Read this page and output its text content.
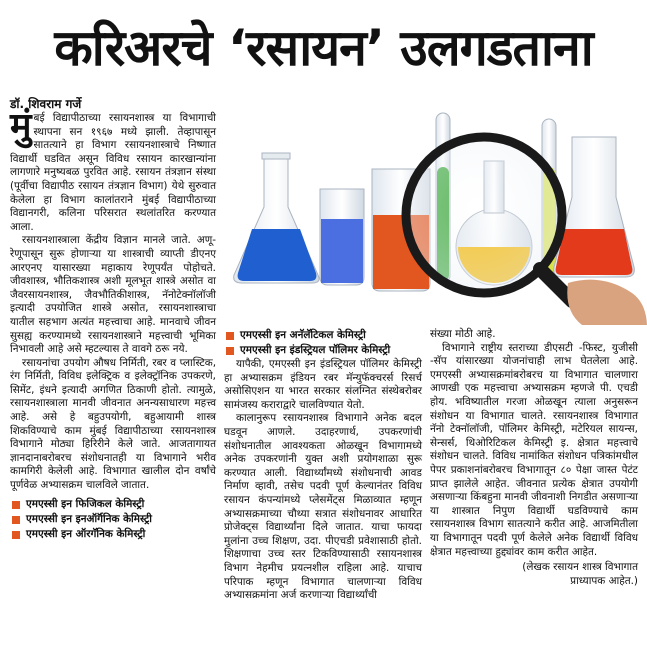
करिअरचे ‘रसायन’ उलगडताना
डॉ. शिवराम गर्जे

मुंबई विद्यापीठाच्या रसायनशास्त्र या विभागाची स्थापना सन १९६७ मध्ये झाली. तेव्हापासून सातत्याने हा विभाग रसायनशास्त्राचे निष्णात विद्यार्थी घडवित असून विविध रसायन कारखान्यांना लागणारे मनुष्यबळ पुरवित आहे. रसायन तंत्रज्ञान संस्था (पूर्वीचा विद्यापीठ रसायन तंत्रज्ञान विभाग) येथे सुरुवात केलेला हा विभाग कालांतराने मुंबई विद्यापीठाच्या विद्यानगरी, कलिना परिसरात स्थलांतरित करण्यात आला.

रसायनशास्त्राला केंद्रीय विज्ञान मानले जाते. अणू-रेणूपासून सुरू होणाऱ्या या शास्त्राची व्याप्ती डीएनए आरएनए यासारख्या महाकाय रेणूपर्यंत पोहोचते. जीवशास्त्र, भौतिकशास्त्र अशी मूलभूत शास्त्रे असोत वा जैवरसायनशास्त्र, जैवभौतिकीशास्त्र, नॅनोटेक्नॉलॉजी इत्यादी उपयोजित शास्त्रे असोत, रसायनशास्त्राचा यातील सहभाग अत्यंत महत्त्वाचा आहे. मानवाचे जीवन सुसह्य करण्यामध्ये रसायनशास्त्राने महत्त्वाची भूमिका निभावली आहे असे म्हटल्यास ते वावगे ठरू नये.

रसायनांचा उपयोग औषध निर्मिती, रबर व प्लास्टिक, रंग निर्मिती, विविध इलेक्ट्रिक व इलेक्ट्रॉनिक उपकरणे, सिमेंट, इंधने इत्यादी अगणित ठिकाणी होतो. त्यामुळे, रसायनशास्त्राला मानवी जीवनात अनन्यसाधारण महत्त्व आहे. असे हे बहुउपयोगी, बहुआयामी शास्त्र शिकविण्याचे काम मुंबई विद्यापीठाच्या रसायनशास्त्र विभागाने मोठ्या हिरिरीने केले जाते. आजतागायत ज्ञानदानाबरोबरच संशोधनातही या विभागाने भरीव कामगिरी केलेली आहे. विभागात खालील दोन वर्षांचे पूर्णवेळ अभ्यासक्रम चालविले जातात.

एमएस्सी इन फिजिकल केमिस्ट्री
एमएस्सी इन इनऑर्गॅनिक केमिस्ट्री
एमएस्सी इन ऑरगॅनिक केमिस्ट्री
एमएस्सी इन अनॅलॅटिकल केमिस्ट्री
एमएस्सी इन इंडस्ट्रियल पॉलिमर केमिस्ट्री

यापैकी, एमएस्सी इन इंडस्ट्रियल पॉलिमर केमिस्ट्री हा अभ्यासक्रम इंडियन रबर मॅन्युफॅक्चरर्स रिसर्च असोसिएशन या भारत सरकार संलग्नित संस्थेबरोबर सामंजस्य कराराद्वारे चालविण्यात येतो.

कालानुरूप रसायनशास्त्र विभागाने अनेक बदल घडवून आणले. उदाहरणार्थ, उपकरणांची संशोधनातील आवश्यकता ओळखून विभागामध्ये अनेक उपकरणांनी युक्त अशी प्रयोगशाळा सुरू करण्यात आली. विद्यार्थ्यांमध्ये संशोधनाची आवड निर्माण व्हावी, तसेच पदवी पूर्ण केल्यानंतर विविध रसायन कंपन्यांमध्ये प्लेसमेंट्स मिळाव्यात म्हणून अभ्यासक्रमाच्या चौथ्या सत्रात संशोधनावर आधारित प्रोजेक्ट्स विद्यार्थ्यांना दिले जातात. याचा फायदा मुलांना उच्च शिक्षण, उदा. पीएचडी प्रवेशासाठी होतो. शिक्षणाचा उच्च स्तर टिकविण्यासाठी रसायनशास्त्र विभाग नेहमीच प्रयत्नशील राहिला आहे. याचाच परिपाक म्हणून विभागात चालणाऱ्या विविध अभ्यासक्रमांना अर्ज करणाऱ्या विद्यार्थ्यांची

संख्या मोठी आहे.

विभागाने राष्ट्रीय स्तराच्या डीएसटी -फिस्ट, युजीसी -सॅप यांसारख्या योजनांचाही लाभ घेतलेला आहे. एमएस्सी अभ्यासक्रमांबरोबरच या विभागात चालणारा आणखी एक महत्त्वाचा अभ्यासक्रम म्हणजे पी. एचडी होय. भविष्यातील गरजा ओळखून त्याला अनुसरून संशोधन या विभागात चालते. रसायनशास्त्र विभागात नॅनो टेक्नॉलॉजी, पॉलिमर केमिस्ट्री, मटेरियल सायन्स, सेन्सर्स, थिओरिटिकल केमिस्ट्री इ. क्षेत्रात महत्त्वाचे संशोधन चालते. विविध नामांकित संशोधन पत्रिकांमधील पेपर प्रकाशनांबरोबरच विभागातून ८० पेक्षा जास्त पेटंट प्राप्त झालेले आहेत. जीवनात प्रत्येक क्षेत्रात उपयोगी असणाऱ्या किंबहुना मानवी जीवनाशी निगडीत असणाऱ्या या शास्त्रात निपुण विद्यार्थी घडविण्याचे काम रसायनशास्त्र विभाग सातत्याने करीत आहे. आजमितीला या विभागातून पदवी पूर्ण केलेले अनेक विद्यार्थी विविध क्षेत्रात महत्त्वाच्या हुद्द्यांवर काम करीत आहेत.

(लेखक रसायन शास्त्र विभागात
प्राध्यापक आहेत.)
